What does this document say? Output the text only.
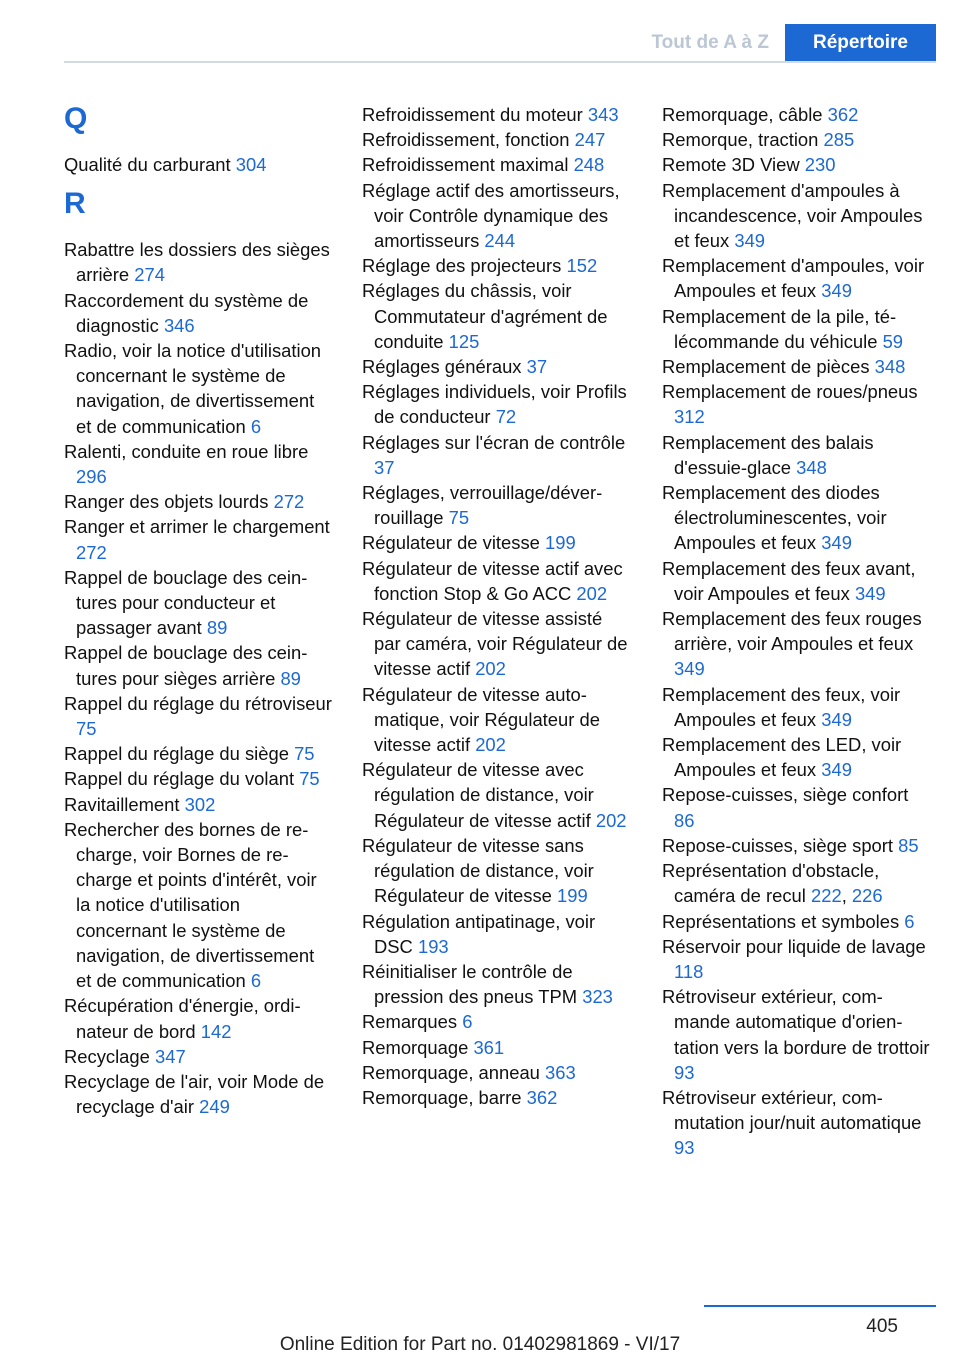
Tout de A à Z	Répertoire
Q
Qualité du carburant 304
R
Rabattre les dossiers des sièges arrière 274
Raccordement du système de diagnostic 346
Radio, voir la notice d'utilisation concernant le système de navigation, de divertissement et de communication 6
Ralenti, conduite en roue libre 296
Ranger des objets lourds 272
Ranger et arrimer le chargement 272
Rappel de bouclage des ceintures pour conducteur et passager avant 89
Rappel de bouclage des ceintures pour sièges arrière 89
Rappel du réglage du rétroviseur 75
Rappel du réglage du siège 75
Rappel du réglage du volant 75
Ravitaillement 302
Rechercher des bornes de recharge, voir Bornes de recharge et points d'intérêt, voir la notice d'utilisation concernant le système de navigation, de divertissement et de communication 6
Récupération d'énergie, ordinateur de bord 142
Recyclage 347
Recyclage de l'air, voir Mode de recyclage d'air 249
Refroidissement du moteur 343
Refroidissement, fonction 247
Refroidissement maximal 248
Réglage actif des amortisseurs, voir Contrôle dynamique des amortisseurs 244
Réglage des projecteurs 152
Réglages du châssis, voir Commutateur d'agrément de conduite 125
Réglages généraux 37
Réglages individuels, voir Profils de conducteur 72
Réglages sur l'écran de contrôle 37
Réglages, verrouillage/déverrouillage 75
Régulateur de vitesse 199
Régulateur de vitesse actif avec fonction Stop & Go ACC 202
Régulateur de vitesse assisté par caméra, voir Régulateur de vitesse actif 202
Régulateur de vitesse automatique, voir Régulateur de vitesse actif 202
Régulateur de vitesse avec régulation de distance, voir Régulateur de vitesse actif 202
Régulateur de vitesse sans régulation de distance, voir Régulateur de vitesse 199
Régulation antipatinage, voir DSC 193
Réinitialiser le contrôle de pression des pneus TPM 323
Remarques 6
Remorquage 361
Remorquage, anneau 363
Remorquage, barre 362
Remorquage, câble 362
Remorque, traction 285
Remote 3D View 230
Remplacement d'ampoules à incandescence, voir Ampoules et feux 349
Remplacement d'ampoules, voir Ampoules et feux 349
Remplacement de la pile, télécommande du véhicule 59
Remplacement de pièces 348
Remplacement de roues/pneus 312
Remplacement des balais d'essuie-glace 348
Remplacement des diodes électroluminescentes, voir Ampoules et feux 349
Remplacement des feux avant, voir Ampoules et feux 349
Remplacement des feux rouges arrière, voir Ampoules et feux 349
Remplacement des feux, voir Ampoules et feux 349
Remplacement des LED, voir Ampoules et feux 349
Repose-cuisses, siège confort 86
Repose-cuisses, siège sport 85
Représentation d'obstacle, caméra de recul 222, 226
Représentations et symboles 6
Réservoir pour liquide de lavage 118
Rétroviseur extérieur, commande automatique d'orientation vers la bordure de trottoir 93
Rétroviseur extérieur, commutation jour/nuit automatique 93
405
Online Edition for Part no. 01402981869 - VI/17
